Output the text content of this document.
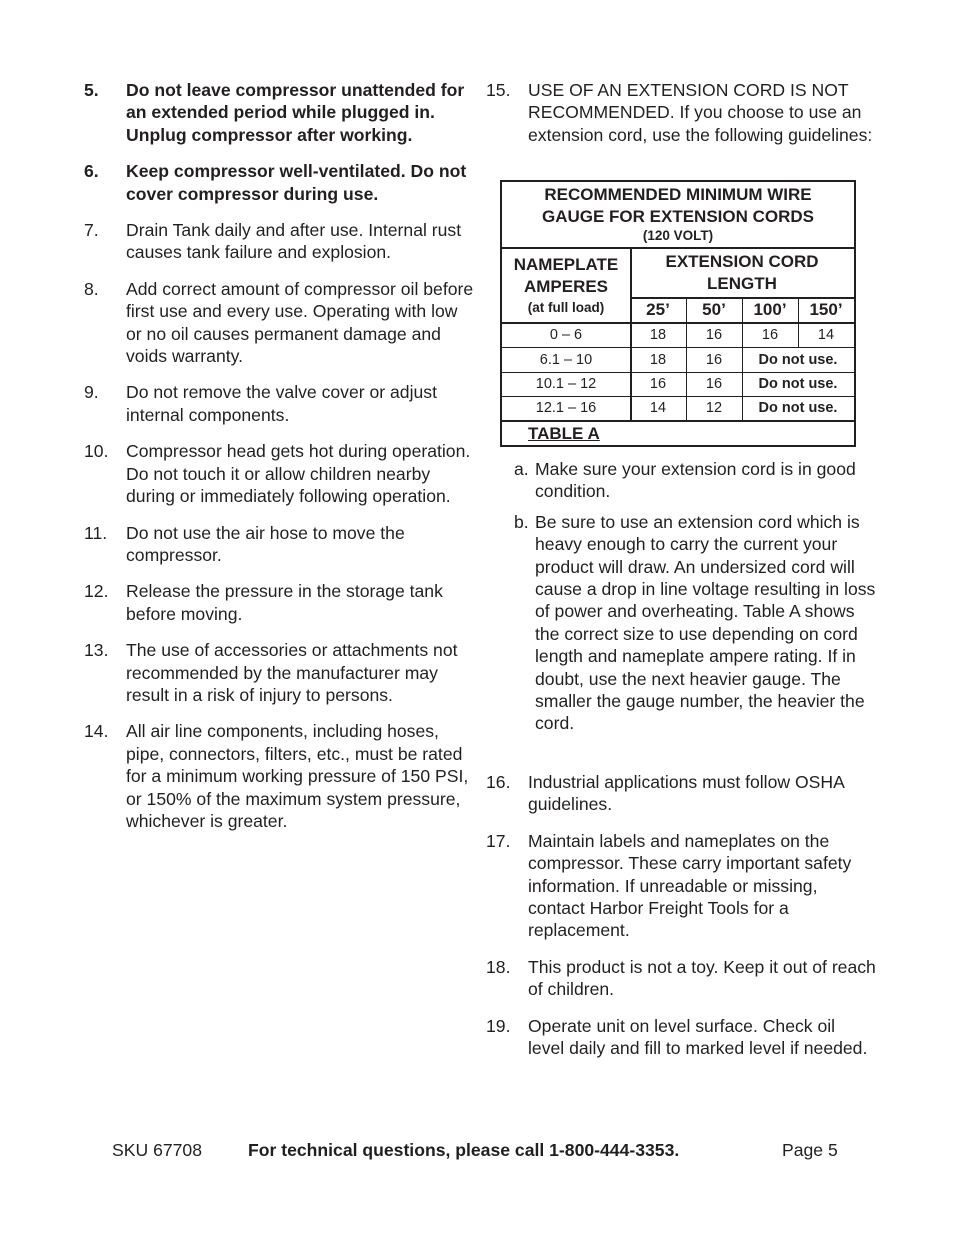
5.	Do not leave compressor unattended for an extended period while plugged in. Unplug compressor after working.
6.	Keep compressor well-ventilated. Do not cover compressor during use.
7.	Drain Tank daily and after use. Internal rust causes tank failure and explosion.
8.	Add correct amount of compressor oil before first use and every use. Operating with low or no oil causes permanent damage and voids warranty.
9.	Do not remove the valve cover or adjust internal components.
10. Compressor head gets hot during operation. Do not touch it or allow children nearby during or immediately following operation.
11.	Do not use the air hose to move the compressor.
12. Release the pressure in the storage tank before moving.
13. The use of accessories or attachments not recommended by the manufacturer may result in a risk of injury to persons.
14. All air line components, including hoses, pipe, connectors, filters, etc., must be rated for a minimum working pressure of 150 PSI, or 150% of the maximum system pressure, whichever is greater.
15. USE OF AN EXTENSION CORD IS NOT RECOMMENDED. If you choose to use an extension cord, use the following guidelines:
RECOMMENDED MINIMUM WIRE GAUGE FOR EXTENSION CORDS
(120 VOLT)
NAMEPLATE AMPERES
(at full load)
EXTENSION CORD LENGTH
25’	50’	100’	150’
0 – 6	18	16	16	14
6.1 – 10	18	16	Do not use.
10.1 – 12	16	16	Do not use.
12.1 – 16	14	12	Do not use.
TABLE A
a. Make sure your extension cord is in good condition.
b. Be sure to use an extension cord which is heavy enough to carry the current your product will draw. An undersized cord will cause a drop in line voltage resulting in loss of power and overheating. Table A shows the correct size to use depending on cord length and nameplate ampere rating. If in doubt, use the next heavier gauge. The smaller the gauge number, the heavier the cord.
16. Industrial applications must follow OSHA guidelines.
17. Maintain labels and nameplates on the compressor. These carry important safety information. If unreadable or missing, contact Harbor Freight Tools for a replacement.
18. This product is not a toy. Keep it out of reach of children.
19. Operate unit on level surface. Check oil level daily and fill to marked level if needed.
SKU 67708	For technical questions, please call 1-800-444-3353.	Page 5
